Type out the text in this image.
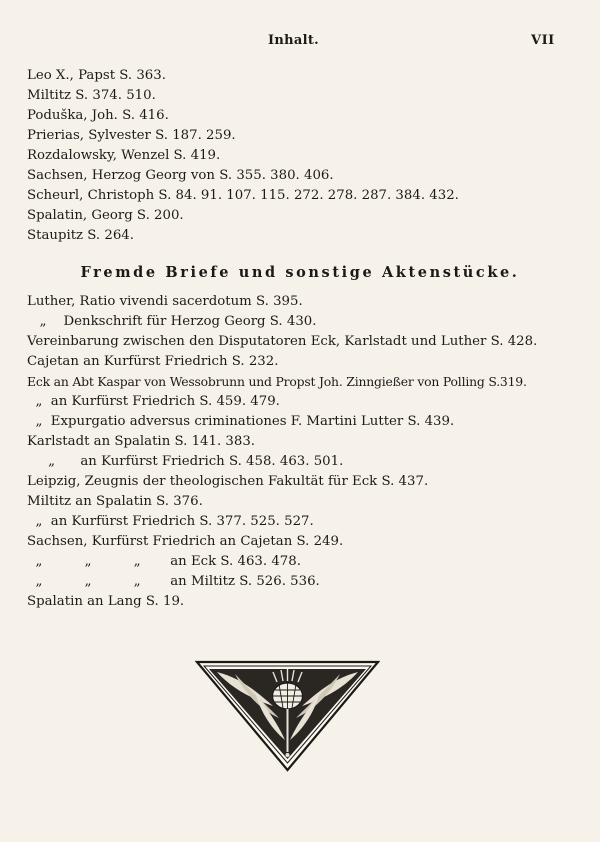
Inhalt.	VII
Leo X., Papst S. 363.
Miltitz S. 374. 510.
Poduška, Joh. S. 416.
Prierias, Sylvester S. 187. 259.
Rozdalowsky, Wenzel S. 419.
Sachsen, Herzog Georg von S. 355. 380. 406.
Scheurl, Christoph S. 84. 91. 107. 115. 272. 278. 287. 384. 432.
Spalatin, Georg S. 200.
Staupitz S. 264.
Fremde Briefe und sonstige Aktenstücke.
Luther, Ratio vivendi sacerdotum S. 395.
„    Denkschrift für Herzog Georg S. 430.
Vereinbarung zwischen den Disputatoren Eck, Karlstadt und Luther S. 428.
Cajetan an Kurfürst Friedrich S. 232.
Eck an Abt Kaspar von Wessobrunn und Propst Joh. Zinngießer von Polling S.319.
„  an Kurfürst Friedrich S. 459. 479.
„  Expurgatio adversus criminationes F. Martini Lutter S. 439.
Karlstadt an Spalatin S. 141. 383.
„      an Kurfürst Friedrich S. 458. 463. 501.
Leipzig, Zeugnis der theologischen Fakultät für Eck S. 437.
Miltitz an Spalatin S. 376.
„  an Kurfürst Friedrich S. 377. 525. 527.
Sachsen, Kurfürst Friedrich an Cajetan S. 249.
„          „          „       an Eck S. 463. 478.
„          „          „       an Miltitz S. 526. 536.
Spalatin an Lang S. 19.
